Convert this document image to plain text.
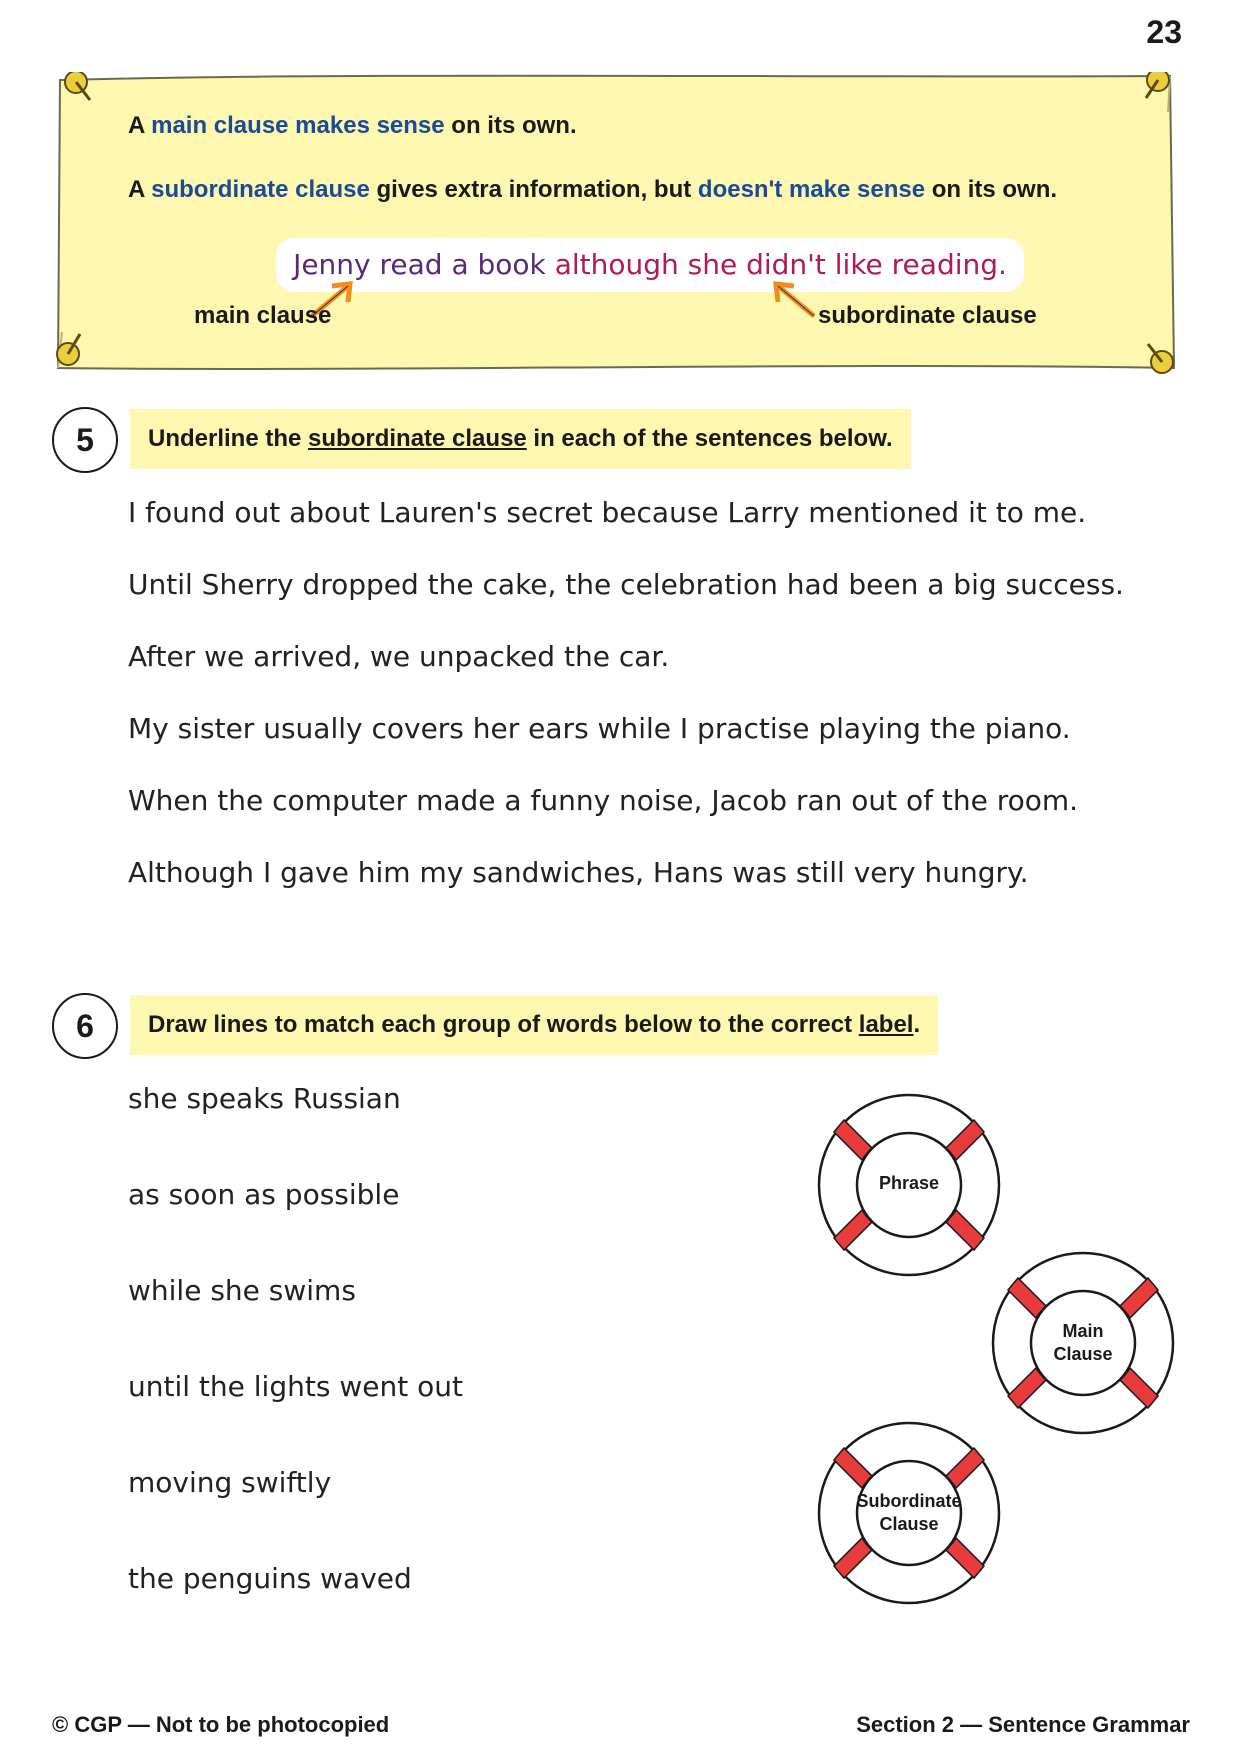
23
A main clause makes sense on its own.
A subordinate clause gives extra information, but doesn't make sense on its own.
Jenny read a book although she didn't like reading.
main clause	subordinate clause
5	Underline the subordinate clause in each of the sentences below.
I found out about Lauren's secret because Larry mentioned it to me.
Until Sherry dropped the cake, the celebration had been a big success.
After we arrived, we unpacked the car.
My sister usually covers her ears while I practise playing the piano.
When the computer made a funny noise, Jacob ran out of the room.
Although I gave him my sandwiches, Hans was still very hungry.
6	Draw lines to match each group of words below to the correct label.
she speaks Russian
as soon as possible
while she swims
until the lights went out
moving swiftly
the penguins waved
Phrase
Main
Clause
Subordinate
Clause
© CGP — Not to be photocopied	Section 2 — Sentence Grammar
